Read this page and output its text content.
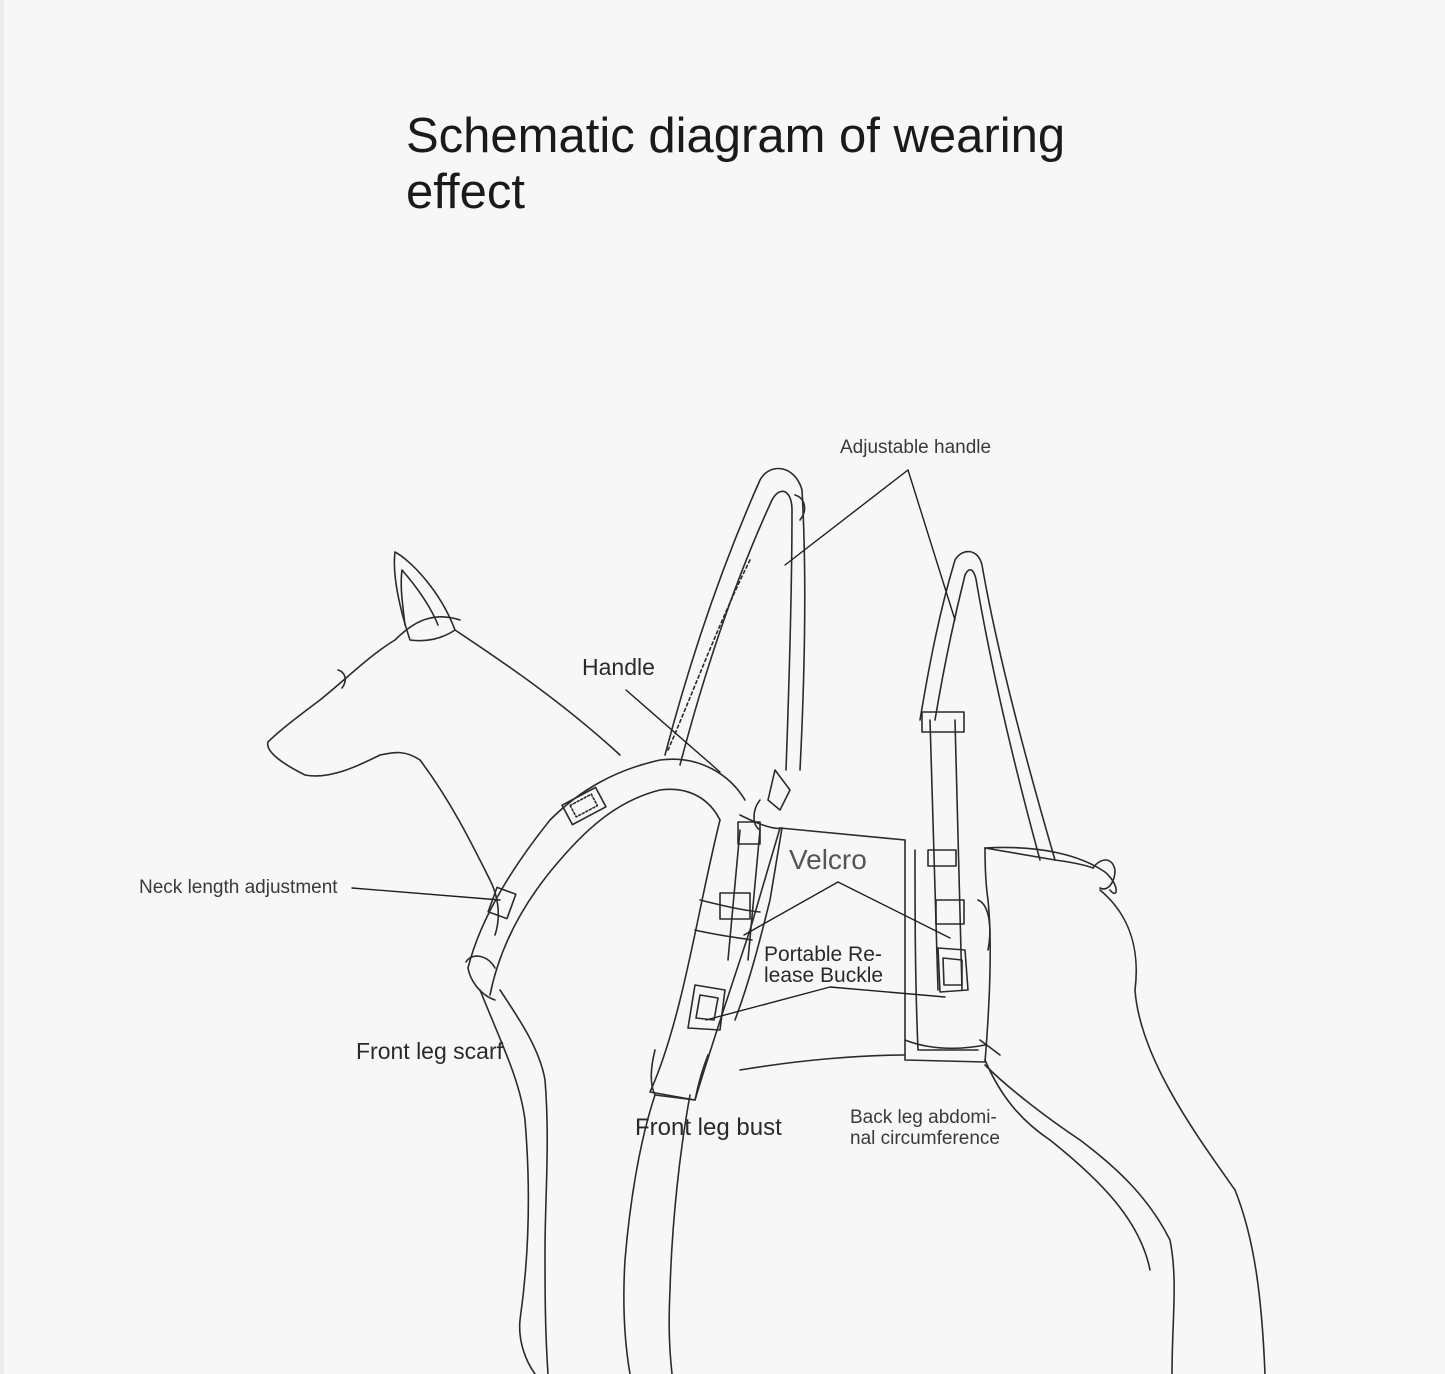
Schematic diagram of wearing
effect
Adjustable handle
Handle
Velcro
Neck length adjustment
Portable Re-
lease Buckle
Front leg scarf
Front leg bust	Back leg abdomi-
nal circumference
